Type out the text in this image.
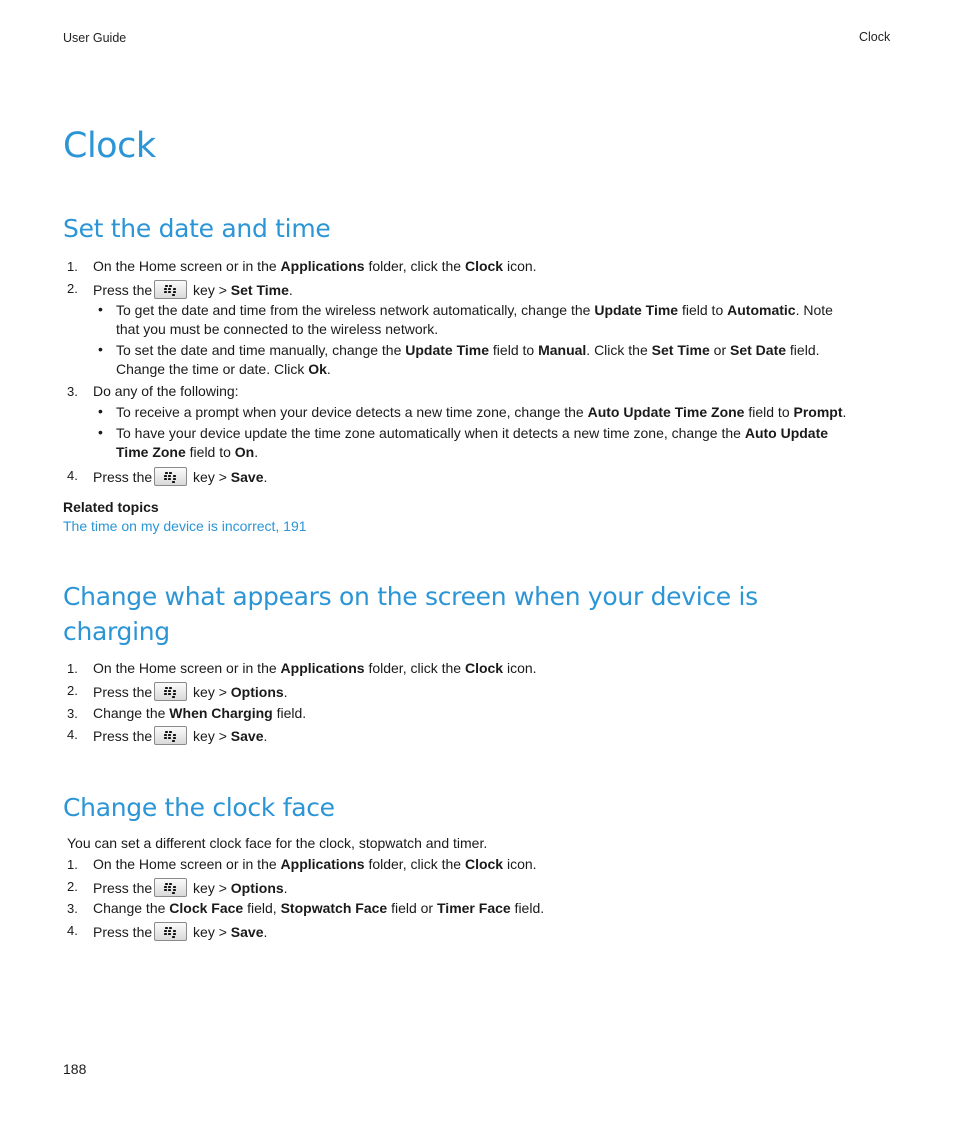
User Guide	Clock
Clock
Set the date and time
1. On the Home screen or in the Applications folder, click the Clock icon.
2. Press the	key > Set Time.
• To get the date and time from the wireless network automatically, change the Update Time field to Automatic. Note
that you must be connected to the wireless network.
• To set the date and time manually, change the Update Time field to Manual. Click the Set Time or Set Date field.
Change the time or date. Click Ok.
3. Do any of the following:
• To receive a prompt when your device detects a new time zone, change the Auto Update Time Zone field to Prompt.
• To have your device update the time zone automatically when it detects a new time zone, change the Auto Update
Time Zone field to On.
4. Press the	key > Save.
Related topics
The time on my device is incorrect, 191
Change what appears on the screen when your device is
charging
1. On the Home screen or in the Applications folder, click the Clock icon.
2. Press the	key > Options.
3. Change the When Charging field.
4. Press the	key > Save.
Change the clock face
You can set a different clock face for the clock, stopwatch and timer.
1. On the Home screen or in the Applications folder, click the Clock icon.
2. Press the	key > Options.
3. Change the Clock Face field, Stopwatch Face field or Timer Face field.
4. Press the	key > Save.
188
